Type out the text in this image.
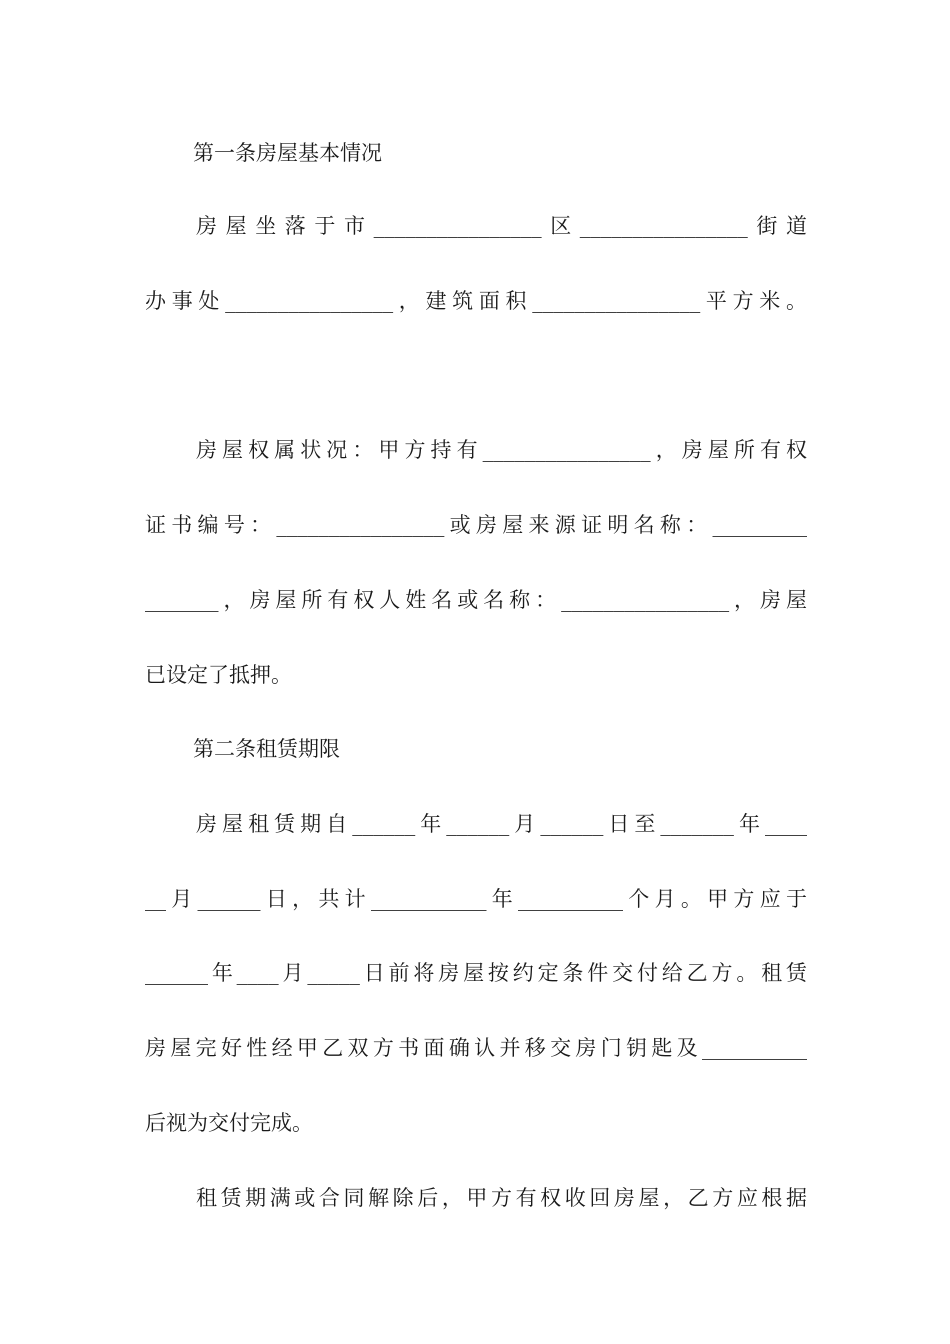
第一条房屋基本情况

房屋坐落于市________________区________________街道

办事处________________，建筑面积________________平方米。

房屋权属状况：甲方持有________________，房屋所有权

证书编号：________________或房屋来源证明名称：_________

_______，房屋所有权人姓名或名称：________________，房屋

已设定了抵押。

第二条租赁期限

房屋租赁期自______年______月______日至_______年____

__月______日，共计___________年__________个月。甲方应于

______年____月_____日前将房屋按约定条件交付给乙方。租赁

房屋完好性经甲乙双方书面确认并移交房门钥匙及__________

后视为交付完成。

租赁期满或合同解除后，甲方有权收回房屋，乙方应根据
